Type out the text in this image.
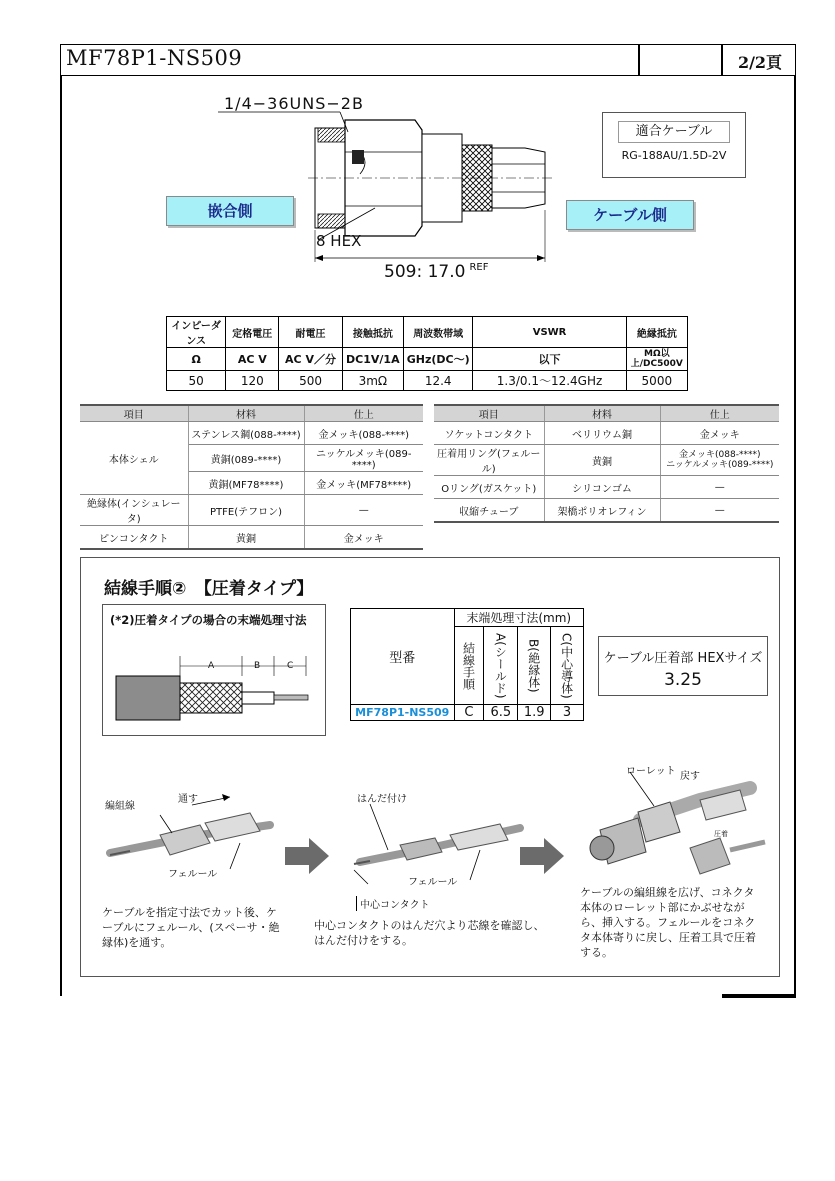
MF78P1-NS509	2/2頁
1/4−36UNS−2B
8 HEX
509: 17.0 $^{REF}$
嵌合側	ケーブル側
適合ケーブル
RG-188AU/1.5D-2V
インピーダンス	定格電圧	耐電圧	接触抵抗	周波数帯域	VSWR	絶縁抵抗
Ω	AC V	AC V／分	DC1V/1A	GHz(DC〜)	以下	MΩ以上/DC500V
50	120	500	3mΩ	12.4	1.3/0.1〜12.4GHz	5000
項目	材料	仕上
本体シェル	ステンレス鋼(088-****)	金メッキ(088-****)
	黄銅(089-****)	ニッケルメッキ(089-****)
	黄銅(MF78****)	金メッキ(MF78****)
絶縁体(インシュレータ)	PTFE(テフロン)	—
ピンコンタクト	黄銅	金メッキ
項目	材料	仕上
ソケットコンタクト	ベリリウム銅	金メッキ
圧着用リング(フェルール)	黄銅	金メッキ(088-****)
ニッケルメッキ(089-****)

Oリング(ガスケット)	シリコンゴム	—
収縮チューブ	架橋ポリオレフィン	—
結線手順②　【圧着タイプ】
(*2)圧着タイプの場合の末端処理寸法
A	B	C	型番	末端処理寸法(mm)			
	結線手順	A(シールド)	B(絶縁体)	C(中心導体)
MF78P1-NS509	C	6.5	1.9	3
ケーブル圧着部 HEXサイズ
3.25
編組線
通す
フェルール
ケーブルを指定寸法でカット後、ケーブルにフェルール、(スペーサ・絶縁体)を通す。
はんだ付け
フェルール
中心コンタクト
中心コンタクトのはんだ穴より芯線を確認し、はんだ付けをする。
ローレット 戻す
圧着
ケーブルの編組線を広げ、コネクタ本体のローレット部にかぶせながら、挿入する。フェルールをコネクタ本体寄りに戻し、圧着工具で圧着する。
